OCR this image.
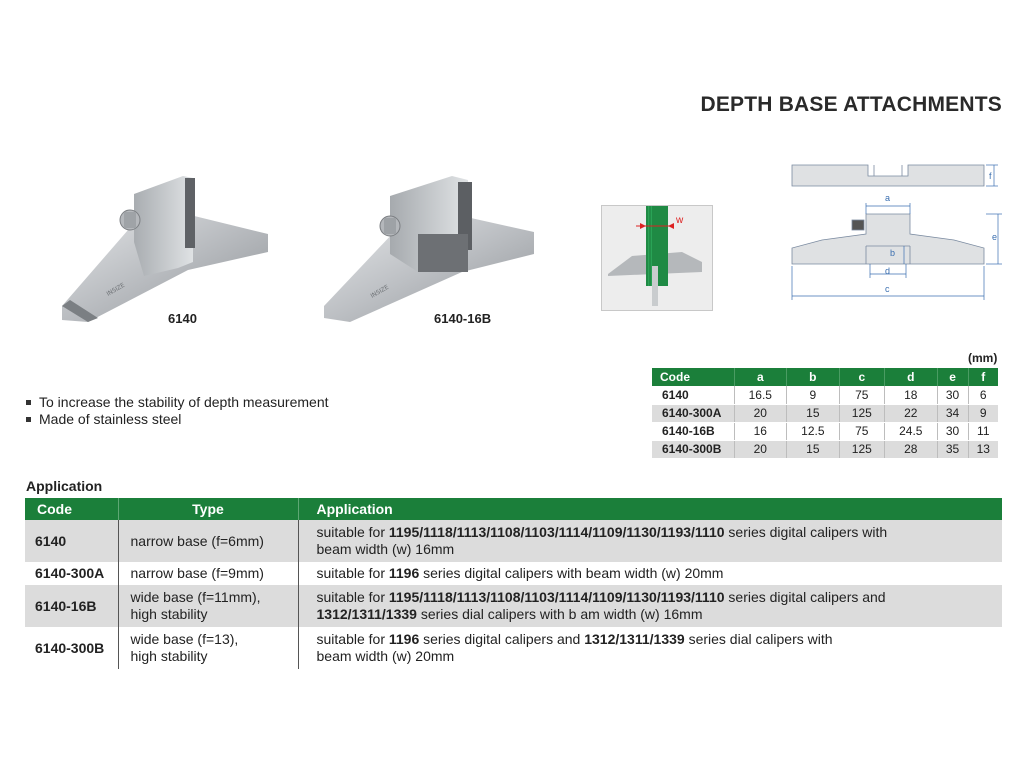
DEPTH BASE ATTACHMENTS
INSIZE
6140
INSIZE
6140-16B
w
f
a
b
d
c
e
(mm)
Code	a	b	c	d	e	f
6140	16.5	9	75	18	30	6
6140-300A	20	15	125	22	34	9
6140-16B	16	12.5	75	24.5	30	11
6140-300B	20	15	125	28	35	13
To increase the stability of depth measurement
Made of stainless steel
Application
Code	Type	Application
6140	narrow base (f=6mm)	suitable for 1195/1118/1113/1108/1103/1114/1109/1130/1193/1110 series digital calipers with
beam width (w) 16mm
6140-300A	narrow base (f=9mm)	suitable for 1196 series digital calipers with beam width (w) 20mm
6140-16B	wide base (f=11mm),
high stability	suitable for 1195/1118/1113/1108/1103/1114/1109/1130/1193/1110 series digital calipers and
1312/1311/1339 series dial calipers with b am width (w) 16mm
6140-300B	wide base (f=13),
high stability	suitable for 1196 series digital calipers and 1312/1311/1339 series dial calipers with
beam width (w) 20mm
